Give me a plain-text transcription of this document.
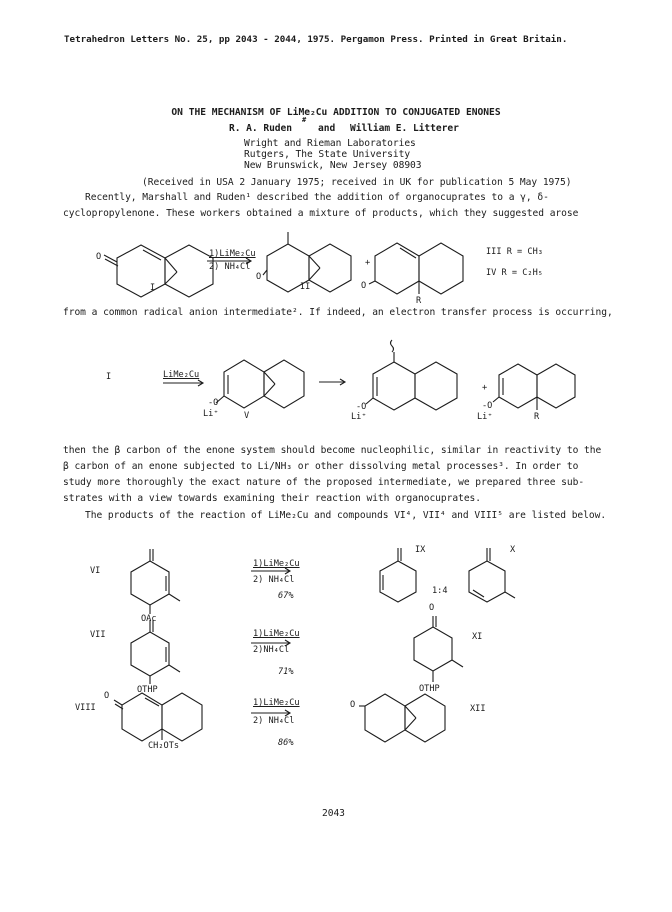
Tetrahedron Letters No. 25, pp 2043 - 2044, 1975. Pergamon Press. Printed in Great Britain.
ON THE MECHANISM OF LiMe₂Cu ADDITION TO CONJUGATED ENONES
R. A. Ruden
#
and William E. Litterer
Wright and Rieman Laboratories
Rutgers, The State University
New Brunswick, New Jersey 08903
(Received in USA 2 January 1975; received in UK for publication 5 May 1975)
Recently, Marshall and Ruden¹ described the addition of organocuprates to a γ, δ-
cyclopropylenone. These workers obtained a mixture of products, which they suggested arose
O	1)LiMe₂Cu
2) NH₄Cl
I
O
II
+
O
R
III R = CH₃
IV R = C₂H₅
from a common radical anion intermediate². If indeed, an electron transfer process is occurring,
I	LiMe₂Cu
-O
Li⁺	V
-O
Li⁺
+
-O
Li⁺	R
then the β carbon of the enone system should become nucleophilic, similar in reactivity to the
β carbon of an enone subjected to Li/NH₃ or other dissolving metal processes³. In order to
study more thoroughly the exact nature of the proposed intermediate, we prepared three sub-
strates with a view towards examining their reaction with organocuprates.
The products of the reaction of LiMe₂Cu and compounds VI⁴, VII⁴ and VIII⁵ are listed below.
VI
OAc
1)LiMe₂Cu
2) NH₄Cl
67%
IX	X
1:4
VII
OTHP
1)LiMe₂Cu
2)NH₄Cl
71%
O
XI
OTHP
VIII
O
CH₂OTs
1)LiMe₂Cu
2) NH₄Cl
86%
O	XII
2043
